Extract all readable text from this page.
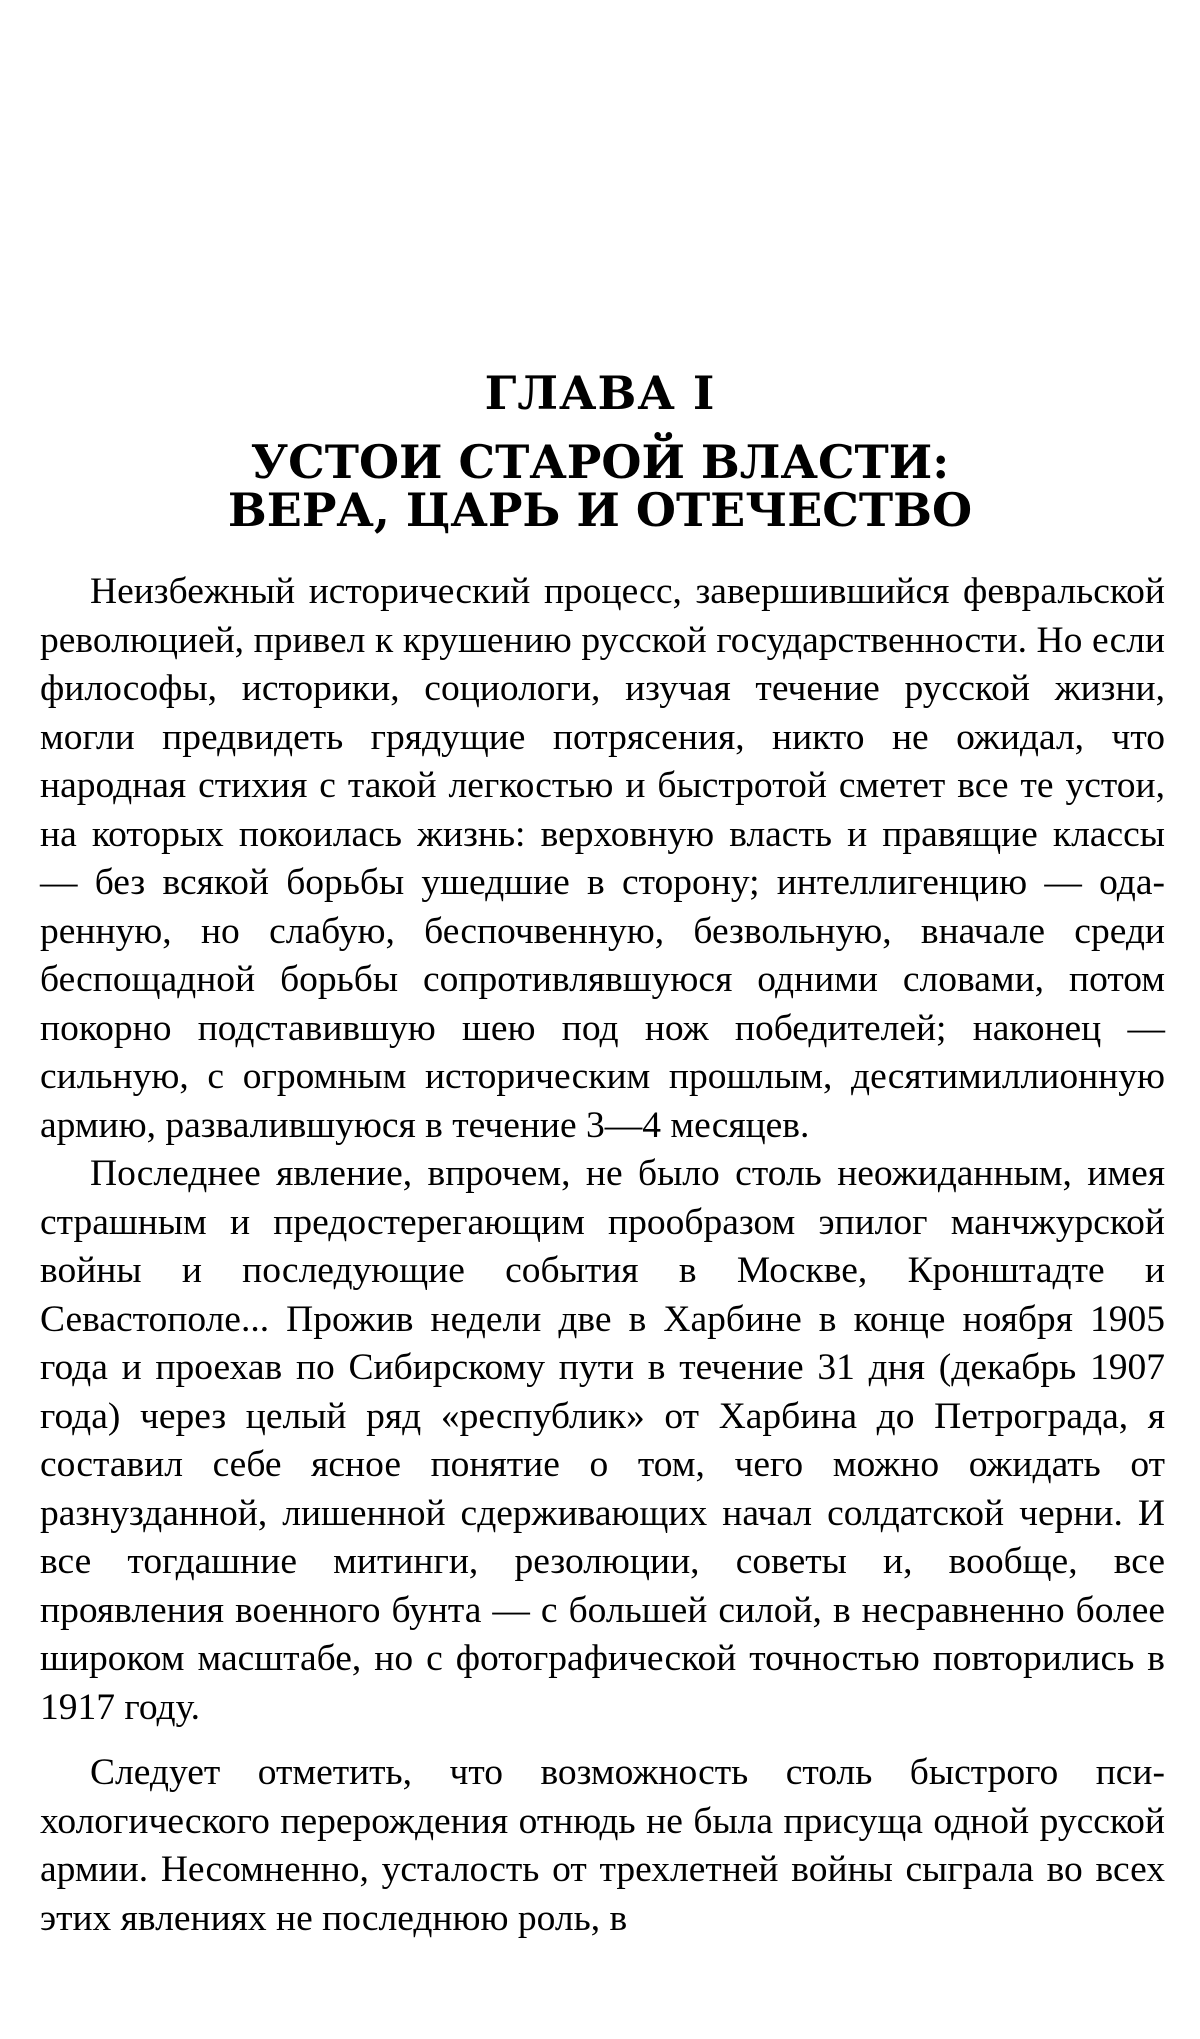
ГЛАВА I
УСТОИ СТАРОЙ ВЛАСТИ:
ВЕРА, ЦАРЬ И ОТЕЧЕСТВО

Неизбежный исторический процесс, завершившийся февральской революцией, привел к крушению русской государственности. Но если философы, историки, социологи, изучая течение русской жизни, могли предвидеть грядущие потрясения, никто не ожидал, что народная стихия с такой легкостью и быстротой сметет все те устои, на которых покоилась жизнь: верховную власть и правящие классы — без всякой борьбы ушедшие в сторону; интеллигенцию — одаренную, но слабую, беспочвенную, безвольную, вначале среди беспощадной борьбы сопротивлявшуюся одними словами, потом покорно подставившую шею под нож победителей; наконец — сильную, с огромным историческим прошлым, десятимиллионную армию, развалившуюся в течение 3—4 месяцев.

Последнее явление, впрочем, не было столь неожиданным, имея страшным и предостерегающим прообразом эпилог манчжурской войны и последующие события в Москве, Кронштадте и Севастополе... Прожив недели две в Харбине в конце ноября 1905 года и проехав по Сибирскому пути в течение 31 дня (декабрь 1907 года) через целый ряд «республик» от Харбина до Петрограда, я составил себе ясное понятие о том, чего можно ожидать от разнузданной, лишенной сдерживающих начал солдатской черни. И все тогдашние митинги, резолюции, советы и, вообще, все проявления военного бунта — с большей силой, в несравненно более широком масштабе, но с фотографической точностью повторились в 1917 году.

Следует отметить, что возможность столь быстрого психологического перерождения отнюдь не была присуща одной русской армии. Несомненно, усталость от трехлетней войны сыграла во всех этих явлениях не последнюю роль, в
